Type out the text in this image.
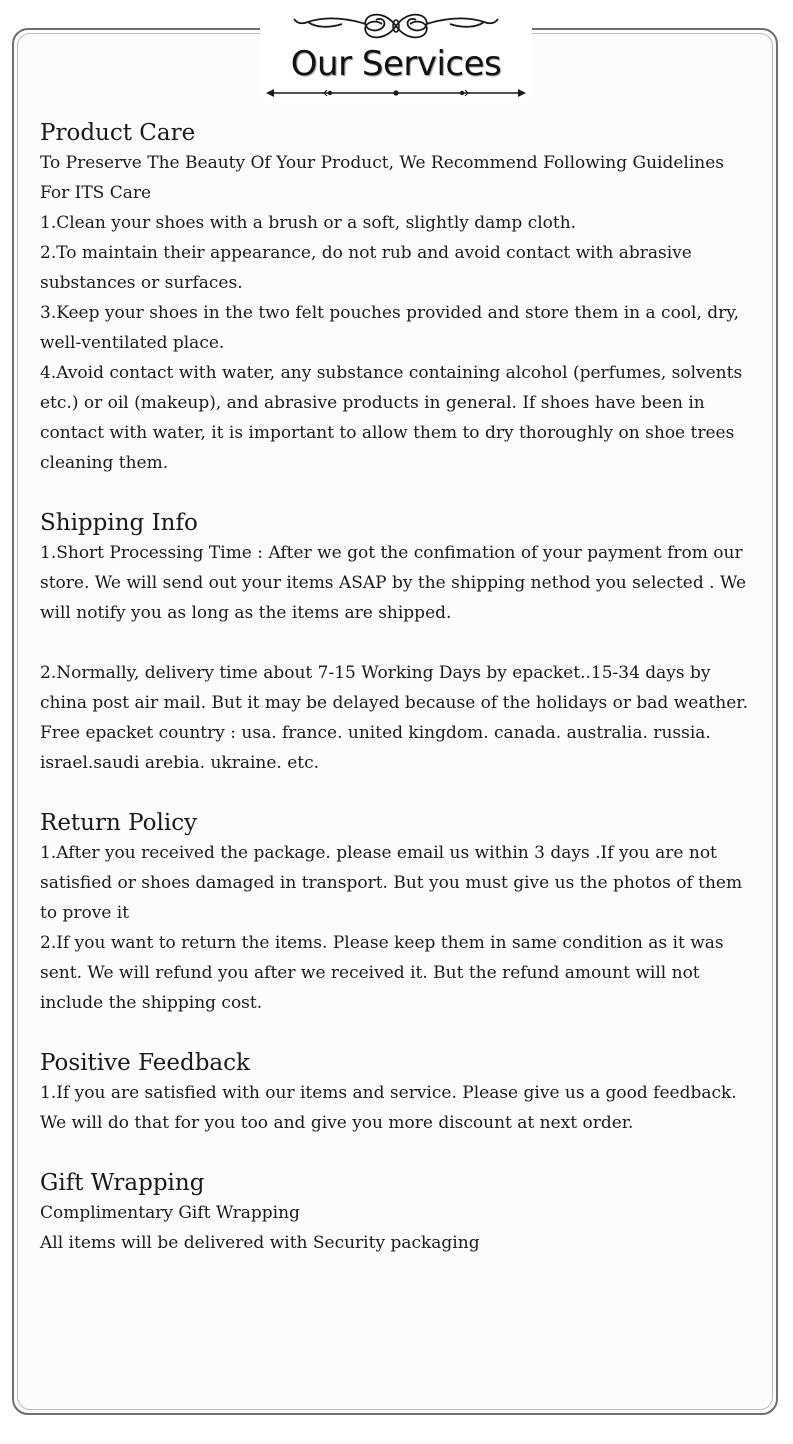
Our Services
Product Care

To Preserve The Beauty Of Your Product, We Recommend Following Guidelines For ITS Care

1.Clean your shoes with a brush or a soft, slightly damp cloth.

2.To maintain their appearance, do not rub and avoid contact with abrasive substances or surfaces.

3.Keep your shoes in the two felt pouches provided and store them in a cool, dry, well-ventilated place.

4.Avoid contact with water, any substance containing alcohol (perfumes, solvents etc.) or oil (makeup), and abrasive products in general. If shoes have been in contact with water, it is important to allow them to dry thoroughly on shoe trees cleaning them.

Shipping Info

1.Short Processing Time : After we got the confimation of your payment from our store. We will send out your items ASAP by the shipping nethod you selected . We will notify you as long as the items are shipped.

2.Normally, delivery time about 7-15 Working Days by epacket..15-34 days by china post air mail. But it may be delayed because of the holidays or bad weather.

Free epacket country : usa. france. united kingdom. canada. australia. russia. israel.saudi arebia. ukraine. etc.

Return Policy

1.After you received the package. please email us within 3 days .If you are not satisfied or shoes damaged in transport. But you must give us the photos of them to prove it

2.If you want to return the items. Please keep them in same condition as it was sent. We will refund you after we received it. But the refund amount will not include the shipping cost.

Positive Feedback

1.If you are satisfied with our items and service. Please give us a good feedback. We will do that for you too and give you more discount at next order.

Gift Wrapping

Complimentary Gift Wrapping

All items will be delivered with Security packaging
